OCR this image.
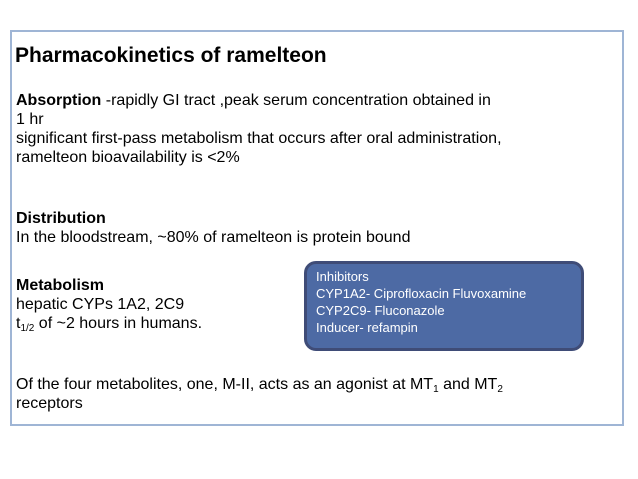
Pharmacokinetics of ramelteon
Absorption -rapidly GI tract ,peak serum concentration obtained in
1 hr
significant first-pass metabolism that occurs after oral administration,
ramelteon bioavailability is <2%
Distribution
In the bloodstream, ~80% of ramelteon is protein bound
Metabolism
hepatic CYPs 1A2, 2C9
$t_{1/2}$ of ~2 hours in humans.
Of the four metabolites, one, M-II, acts as an agonist at $MT_1$ and $MT_2$
receptors
Inhibitors
CYP1A2- Ciprofloxacin Fluvoxamine
CYP2C9- Fluconazole
Inducer- refampin
